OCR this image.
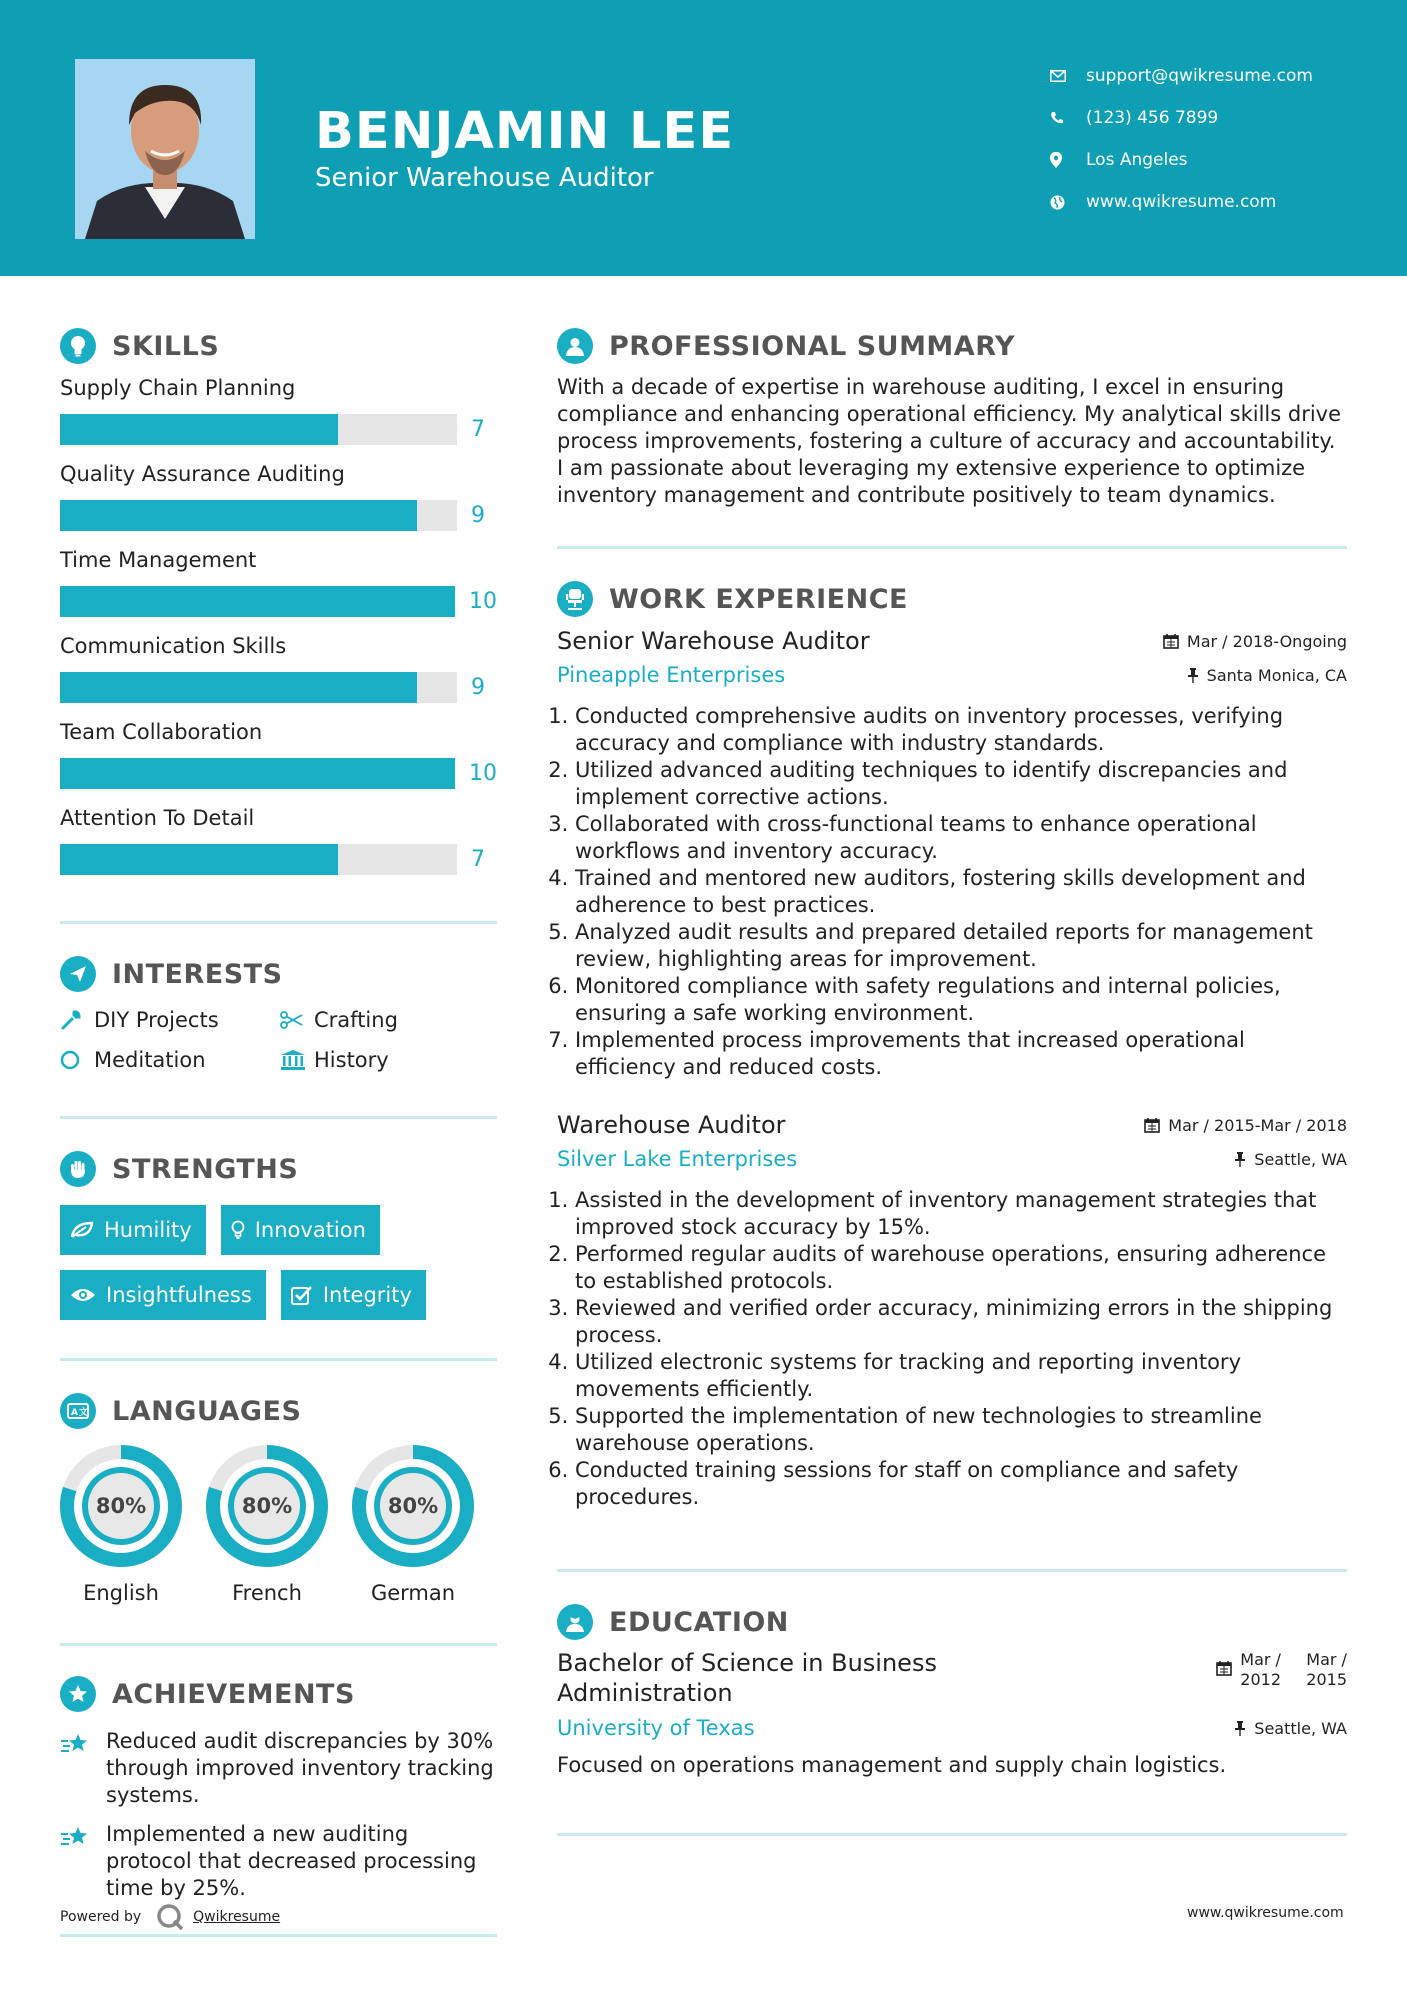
BENJAMIN LEE
Senior Warehouse Auditor
support@qwikresume.com
(123) 456 7899
Los Angeles
www.qwikresume.com
SKILLS
Supply Chain Planning
7
Quality Assurance Auditing
9
Time Management
10
Communication Skills
9
Team Collaboration
10
Attention To Detail
7
INTERESTS
DIY Projects	Crafting
Meditation	History
STRENGTHS
Humility	Innovation
Insightfulness	Integrity
A 文 LANGUAGES
80%
English
80%
French
80%
German
ACHIEVEMENTS
Reduced audit discrepancies by 30% through improved inventory tracking systems.
Implemented a new auditing protocol that decreased processing time by 25%.
Powered by	Qwikresume	www.qwikresume.com
PROFESSIONAL SUMMARY
With a decade of expertise in warehouse auditing, I excel in ensuring compliance and enhancing operational efficiency. My analytical skills drive process improvements, fostering a culture of accuracy and accountability. I am passionate about leveraging my extensive experience to optimize inventory management and contribute positively to team dynamics.
WORK EXPERIENCE
Senior Warehouse Auditor	Mar / 2018-Ongoing
Pineapple Enterprises	Santa Monica, CA
1. Conducted comprehensive audits on inventory processes, verifying accuracy and compliance with industry standards.
2. Utilized advanced auditing techniques to identify discrepancies and implement corrective actions.
3. Collaborated with cross-functional teams to enhance operational workflows and inventory accuracy.
4. Trained and mentored new auditors, fostering skills development and adherence to best practices.
5. Analyzed audit results and prepared detailed reports for management review, highlighting areas for improvement.
6. Monitored compliance with safety regulations and internal policies, ensuring a safe working environment.
7. Implemented process improvements that increased operational efficiency and reduced costs.
Warehouse Auditor	Mar / 2015-Mar / 2018
Silver Lake Enterprises	Seattle, WA
1. Assisted in the development of inventory management strategies that improved stock accuracy by 15%.
2. Performed regular audits of warehouse operations, ensuring adherence to established protocols.
3. Reviewed and verified order accuracy, minimizing errors in the shipping process.
4. Utilized electronic systems for tracking and reporting inventory movements efficiently.
5. Supported the implementation of new technologies to streamline warehouse operations.
6. Conducted training sessions for staff on compliance and safety procedures.
EDUCATION
Bachelor of Science in Business Administration
Mar /
2012
Mar /
2015
University of Texas	Seattle, WA
Focused on operations management and supply chain logistics.
